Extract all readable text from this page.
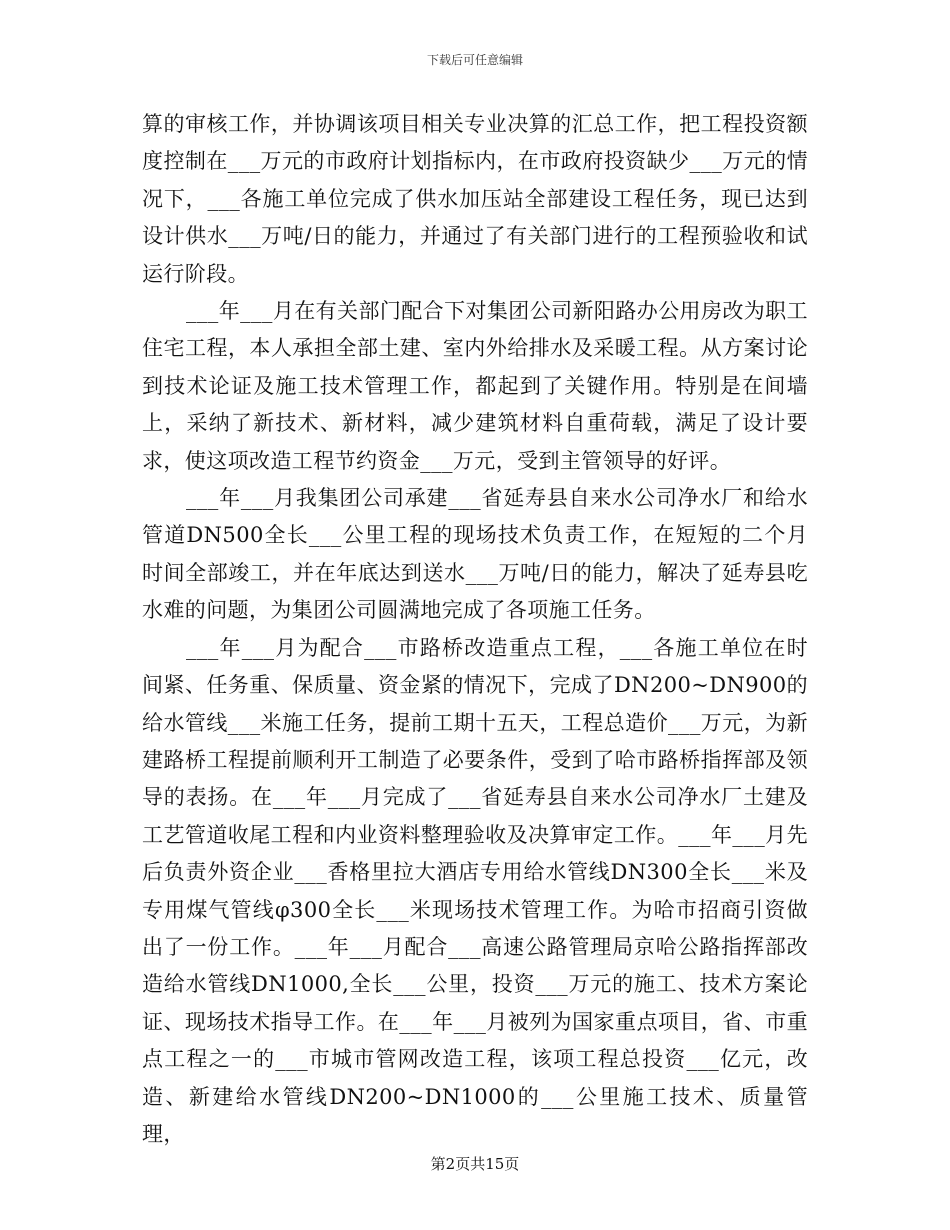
下载后可任意编辑

算的审核工作，并协调该项目相关专业决算的汇总工作，把工程投资额度控制在___万元的市政府计划指标内，在市政府投资缺少___万元的情况下，___各施工单位完成了供水加压站全部建设工程任务，现已达到设计供水___万吨/日的能力，并通过了有关部门进行的工程预验收和试运行阶段。

___年___月在有关部门配合下对集团公司新阳路办公用房改为职工住宅工程，本人承担全部土建、室内外给排水及采暖工程。从方案讨论到技术论证及施工技术管理工作，都起到了关键作用。特别是在间墙上，采纳了新技术、新材料，减少建筑材料自重荷载，满足了设计要求，使这项改造工程节约资金___万元，受到主管领导的好评。

___年___月我集团公司承建___省延寿县自来水公司净水厂和给水管道DN500全长___公里工程的现场技术负责工作，在短短的二个月时间全部竣工，并在年底达到送水___万吨/日的能力，解决了延寿县吃水难的问题，为集团公司圆满地完成了各项施工任务。

___年___月为配合___市路桥改造重点工程，___各施工单位在时间紧、任务重、保质量、资金紧的情况下，完成了DN200~DN900的给水管线___米施工任务，提前工期十五天，工程总造价___万元，为新建路桥工程提前顺利开工制造了必要条件，受到了哈市路桥指挥部及领导的表扬。在___年___月完成了___省延寿县自来水公司净水厂土建及工艺管道收尾工程和内业资料整理验收及决算审定工作。___年___月先后负责外资企业___香格里拉大酒店专用给水管线DN300全长___米及专用煤气管线φ300全长___米现场技术管理工作。为哈市招商引资做出了一份工作。___年___月配合___高速公路管理局京哈公路指挥部改造给水管线DN1000,全长___公里，投资___万元的施工、技术方案论证、现场技术指导工作。在___年___月被列为国家重点项目，省、市重点工程之一的___市城市管网改造工程，该项工程总投资___亿元，改造、新建给水管线DN200~DN1000的___公里施工技术、质量管理，

第2页共15页
